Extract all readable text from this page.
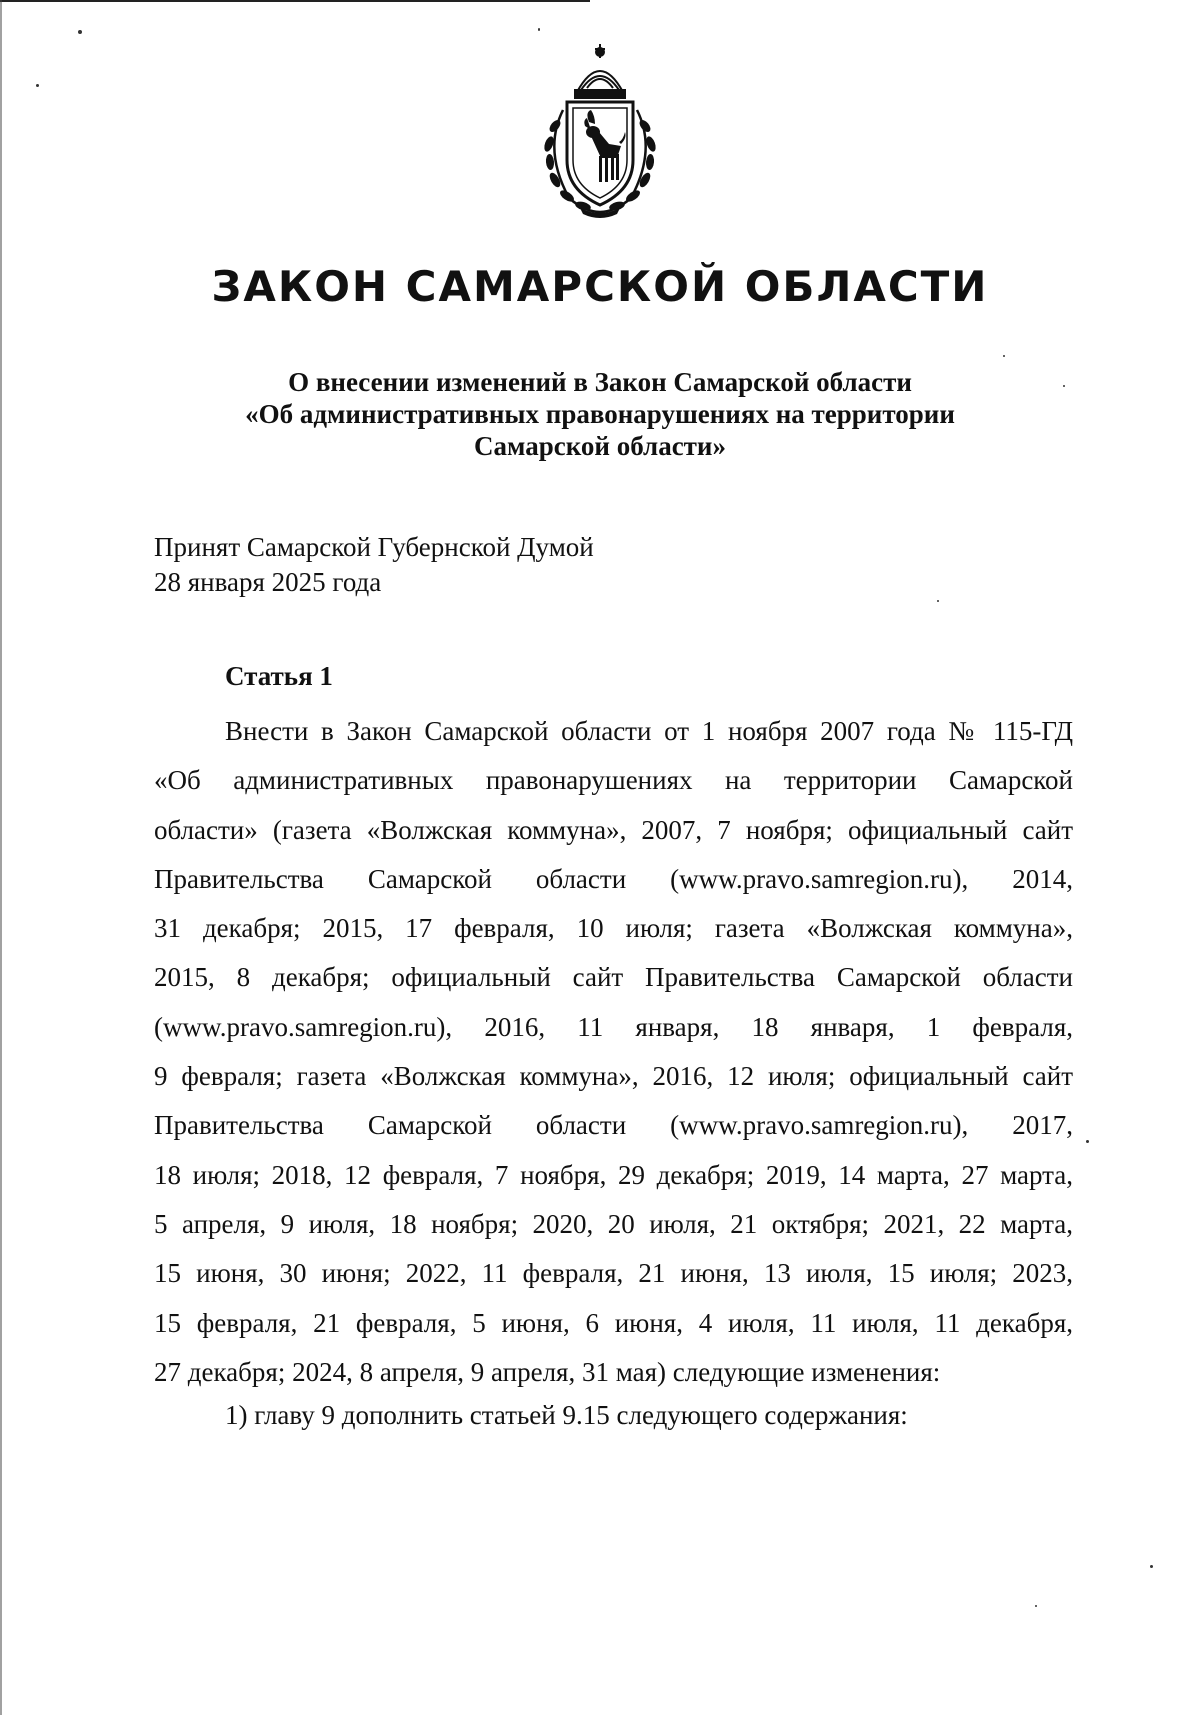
ЗАКОН САМАРСКОЙ ОБЛАСТИ
О внесении изменений в Закон Самарской области
«Об административных правонарушениях на территории
Самарской области»
Принят Самарской Губернской Думой
28 января 2025 года
Статья 1
Внести в Закон Самарской области от 1 ноября 2007 года № 115-ГД
«Об административных правонарушениях на территории Самарской
области» (газета «Волжская коммуна», 2007, 7 ноября; официальный сайт
Правительства Самарской области (www.pravo.samregion.ru), 2014,
31 декабря; 2015, 17 февраля, 10 июля; газета «Волжская коммуна»,
2015, 8 декабря; официальный сайт Правительства Самарской области
(www.pravo.samregion.ru), 2016, 11 января, 18 января, 1 февраля,
9 февраля; газета «Волжская коммуна», 2016, 12 июля; официальный сайт
Правительства Самарской области (www.pravo.samregion.ru), 2017,
18 июля; 2018, 12 февраля, 7 ноября, 29 декабря; 2019, 14 марта, 27 марта,
5 апреля, 9 июля, 18 ноября; 2020, 20 июля, 21 октября; 2021, 22 марта,
15 июня, 30 июня; 2022, 11 февраля, 21 июня, 13 июля, 15 июля; 2023,
15 февраля, 21 февраля, 5 июня, 6 июня, 4 июля, 11 июля, 11 декабря,
27 декабря; 2024, 8 апреля, 9 апреля, 31 мая) следующие изменения:

1) главу 9 дополнить статьей 9.15 следующего содержания:
